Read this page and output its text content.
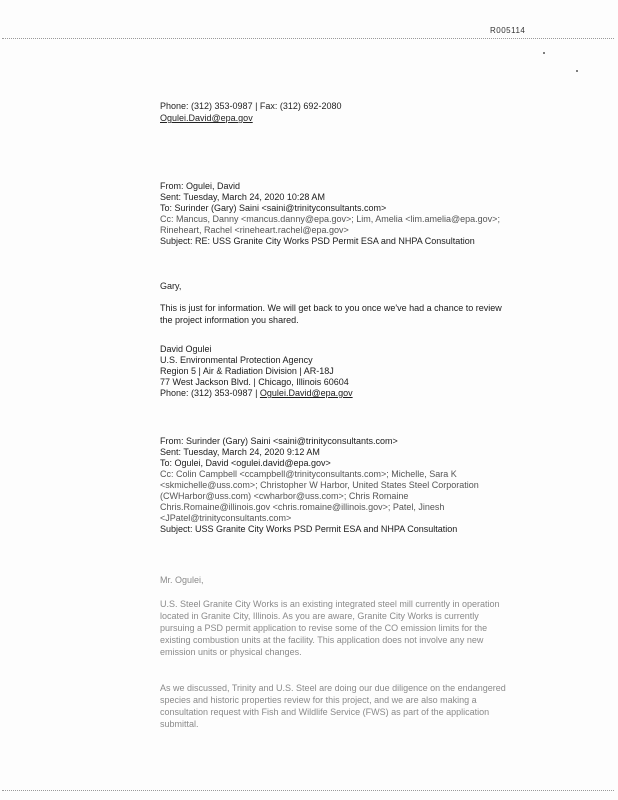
R005114
Phone: (312) 353-0987 | Fax: (312) 692-2080
Ogulei.David@epa.gov
From: Ogulei, David
Sent: Tuesday, March 24, 2020 10:28 AM
To: Surinder (Gary) Saini <saini@trinityconsultants.com>
Cc: Mancus, Danny <mancus.danny@epa.gov>; Lim, Amelia <lim.amelia@epa.gov>;
Rineheart, Rachel <rineheart.rachel@epa.gov>
Subject: RE: USS Granite City Works PSD Permit ESA and NHPA Consultation
Gary,
This is just for information. We will get back to you once we've had a chance to review the project information you shared.
David Ogulei
U.S. Environmental Protection Agency
Region 5 | Air & Radiation Division | AR-18J
77 West Jackson Blvd. | Chicago, Illinois 60604
Phone: (312) 353-0987 | Ogulei.David@epa.gov
From: Surinder (Gary) Saini <saini@trinityconsultants.com>
Sent: Tuesday, March 24, 2020 9:12 AM
To: Ogulei, David <ogulei.david@epa.gov>
Cc: Colin Campbell <ccampbell@trinityconsultants.com>; Michelle, Sara K
<skmichelle@uss.com>; Christopher W Harbor, United States Steel Corporation
(CWHarbor@uss.com) <cwharbor@uss.com>; Chris Romaine
Chris.Romaine@illinois.gov <chris.romaine@illinois.gov>; Patel, Jinesh
<JPatel@trinityconsultants.com>
Subject: USS Granite City Works PSD Permit ESA and NHPA Consultation
Mr. Ogulei,
U.S. Steel Granite City Works is an existing integrated steel mill currently in operation located in Granite City, Illinois. As you are aware, Granite City Works is currently pursuing a PSD permit application to revise some of the CO emission limits for the existing combustion units at the facility. This application does not involve any new emission units or physical changes.
As we discussed, Trinity and U.S. Steel are doing our due diligence on the endangered species and historic properties review for this project, and we are also making a consultation request with Fish and Wildlife Service (FWS) as part of the application submittal.
